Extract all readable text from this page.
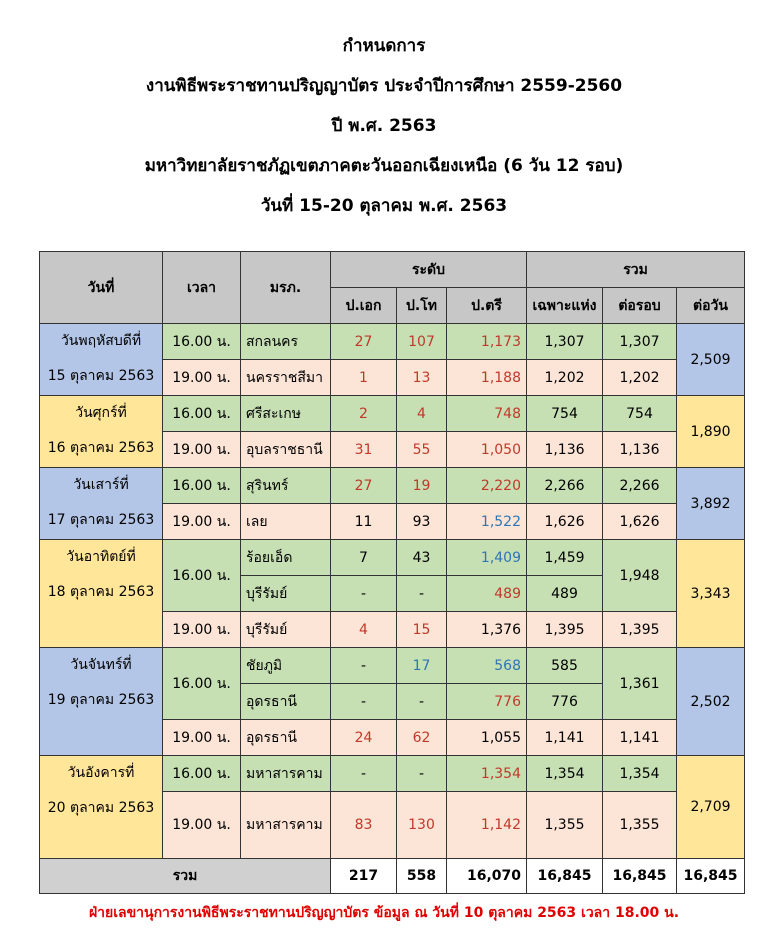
กำหนดการ
งานพิธีพระราชทานปริญญาบัตร ประจำปีการศึกษา 2559-2560
ปี พ.ศ. 2563
มหาวิทยาลัยราชภัฏเขตภาคตะวันออกเฉียงเหนือ (6 วัน 12 รอบ)
วันที่ 15-20 ตุลาคม พ.ศ. 2563
วันที่	เวลา	มรภ.	ระดับ			รวม		
			ป.เอก	ป.โท	ป.ตรี	เฉพาะแห่ง	ต่อรอบ	ต่อวัน

วันพฤหัสบดีที่
15 ตุลาคม 2563	16.00 น.	สกลนคร	27	107	1,173	1,307	1,307	2,509
	19.00 น.	นครราชสีมา	1	13	1,188	1,202	1,202	

วันศุกร์ที่
16 ตุลาคม 2563	16.00 น.	ศรีสะเกษ	2	4	748	754	754	1,890
	19.00 น.	อุบลราชธานี	31	55	1,050	1,136	1,136	

วันเสาร์ที่
17 ตุลาคม 2563	16.00 น.	สุรินทร์	27	19	2,220	2,266	2,266	3,892
	19.00 น.	เลย	11	93	1,522	1,626	1,626	

วันอาทิตย์ที่
18 ตุลาคม 2563	16.00 น.	ร้อยเอ็ด	7	43	1,409	1,459	1,948	3,343
		บุรีรัมย์	-	-	489	489		
	19.00 น.	บุรีรัมย์	4	15	1,376	1,395	1,395	

วันจันทร์ที่
19 ตุลาคม 2563	16.00 น.	ชัยภูมิ	-	17	568	585	1,361	2,502
		อุดรธานี	-	-	776	776		
	19.00 น.	อุดรธานี	24	62	1,055	1,141	1,141	

วันอังคารที่
20 ตุลาคม 2563	16.00 น.	มหาสารคาม	-	-	1,354	1,354	1,354	2,709
	19.00 น.	มหาสารคาม	83	130	1,142	1,355	1,355	
รวม			217	558	16,070	16,845	16,845	16,845
ฝ่ายเลขานุการงานพิธีพระราชทานปริญญาบัตร ข้อมูล ณ วันที่ 10 ตุลาคม 2563 เวลา 18.00 น.
